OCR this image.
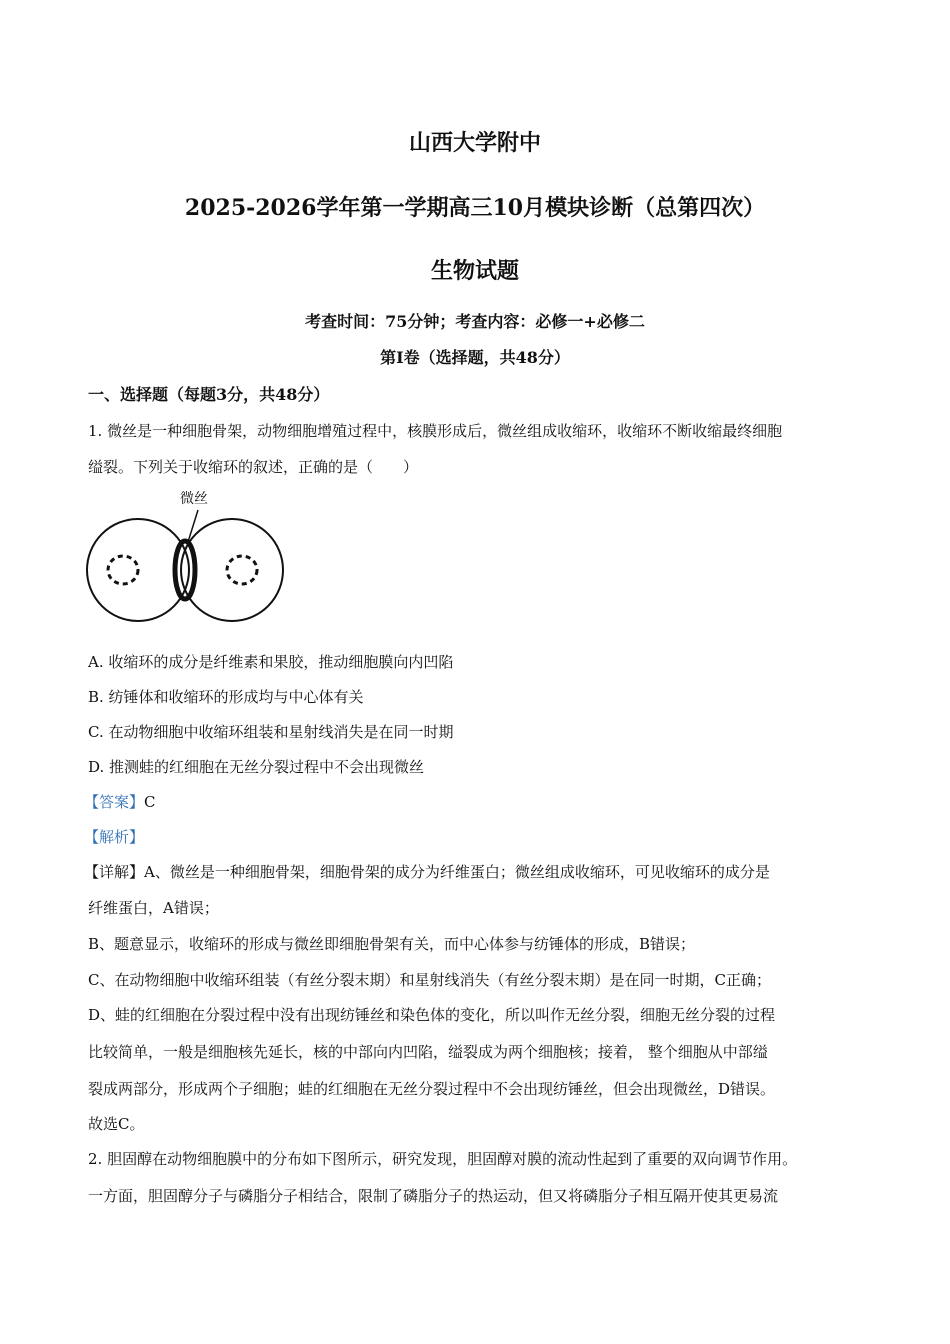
山西大学附中
2025-2026学年第一学期高三10月模块诊断（总第四次）
生物试题
考查时间：75分钟；考查内容：必修一+必修二
第I卷（选择题，共48分）
一、选择题（每题3分，共48分）
1. 微丝是一种细胞骨架，动物细胞增殖过程中，核膜形成后，微丝组成收缩环，收缩环不断收缩最终细胞
缢裂。下列关于收缩环的叙述，正确的是（　　）
微丝
A. 收缩环的成分是纤维素和果胶，推动细胞膜向内凹陷
B. 纺锤体和收缩环的形成均与中心体有关
C. 在动物细胞中收缩环组装和星射线消失是在同一时期
D. 推测蛙的红细胞在无丝分裂过程中不会出现微丝
【答案】C
【解析】
【详解】A、微丝是一种细胞骨架，细胞骨架的成分为纤维蛋白；微丝组成收缩环，可见收缩环的成分是
纤维蛋白，A错误；
B、题意显示，收缩环的形成与微丝即细胞骨架有关，而中心体参与纺锤体的形成，B错误；
C、在动物细胞中收缩环组装（有丝分裂末期）和星射线消失（有丝分裂末期）是在同一时期，C正确；
D、蛙的红细胞在分裂过程中没有出现纺锤丝和染色体的变化，所以叫作无丝分裂，细胞无丝分裂的过程
比较简单，一般是细胞核先延长，核的中部向内凹陷，缢裂成为两个细胞核；接着， 整个细胞从中部缢
裂成两部分，形成两个子细胞；蛙的红细胞在无丝分裂过程中不会出现纺锤丝，但会出现微丝，D错误。
故选C。
2. 胆固醇在动物细胞膜中的分布如下图所示，研究发现，胆固醇对膜的流动性起到了重要的双向调节作用。
一方面，胆固醇分子与磷脂分子相结合，限制了磷脂分子的热运动，但又将磷脂分子相互隔开使其更易流
